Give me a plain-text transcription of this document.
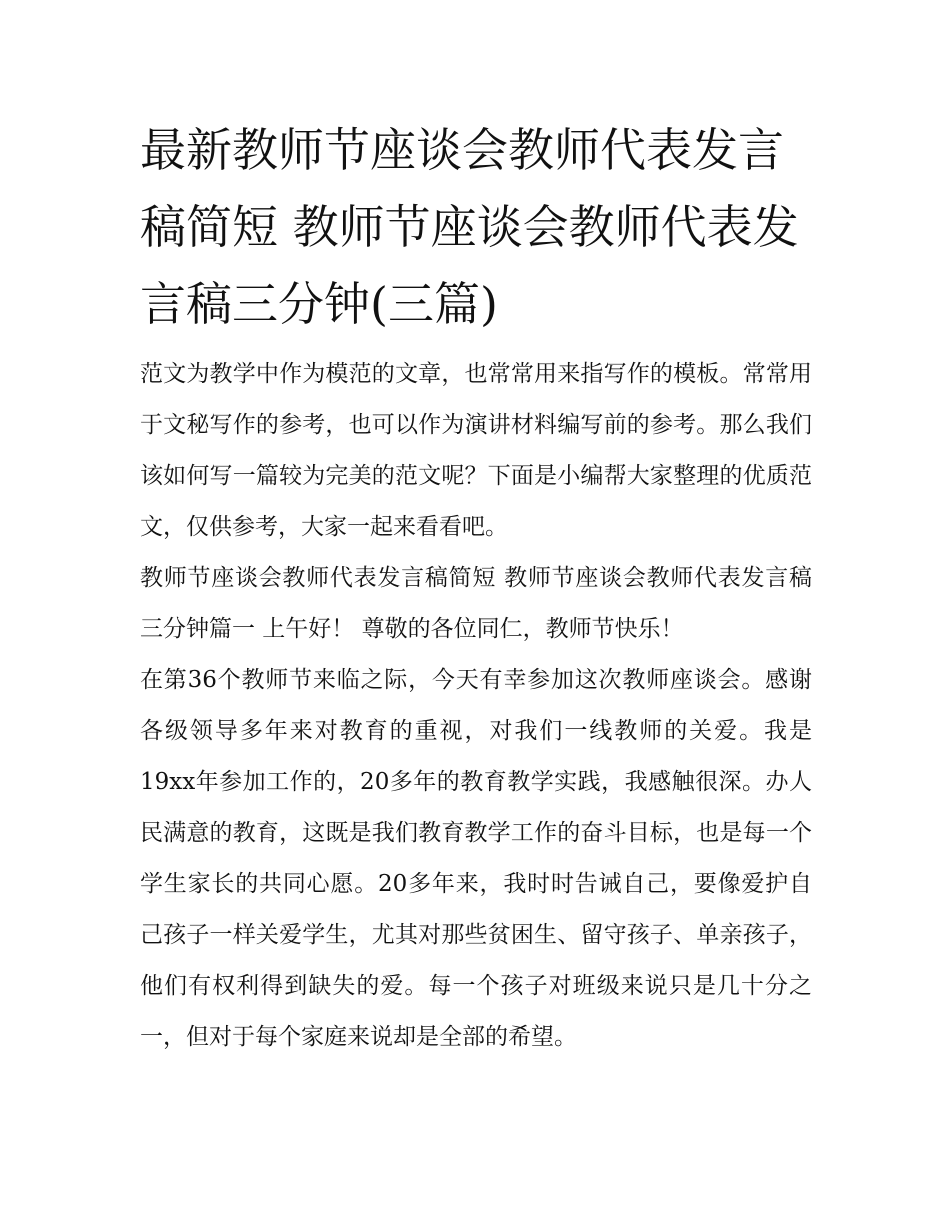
最新教师节座谈会教师代表发言稿简短 教师节座谈会教师代表发言稿三分钟(三篇)

范文为教学中作为模范的文章，也常常用来指写作的模板。常常用于文秘写作的参考，也可以作为演讲材料编写前的参考。那么我们该如何写一篇较为完美的范文呢？下面是小编帮大家整理的优质范文，仅供参考，大家一起来看看吧。

教师节座谈会教师代表发言稿简短 教师节座谈会教师代表发言稿三分钟篇一 上午好！ 尊敬的各位同仁，教师节快乐！

在第36个教师节来临之际，今天有幸参加这次教师座谈会。感谢各级领导多年来对教育的重视，对我们一线教师的关爱。我是19xx年参加工作的，20多年的教育教学实践，我感触很深。办人民满意的教育，这既是我们教育教学工作的奋斗目标，也是每一个学生家长的共同心愿。20多年来，我时时告诫自己，要像爱护自己孩子一样关爱学生，尤其对那些贫困生、留守孩子、单亲孩子，他们有权利得到缺失的爱。每一个孩子对班级来说只是几十分之一，但对于每个家庭来说却是全部的希望。
